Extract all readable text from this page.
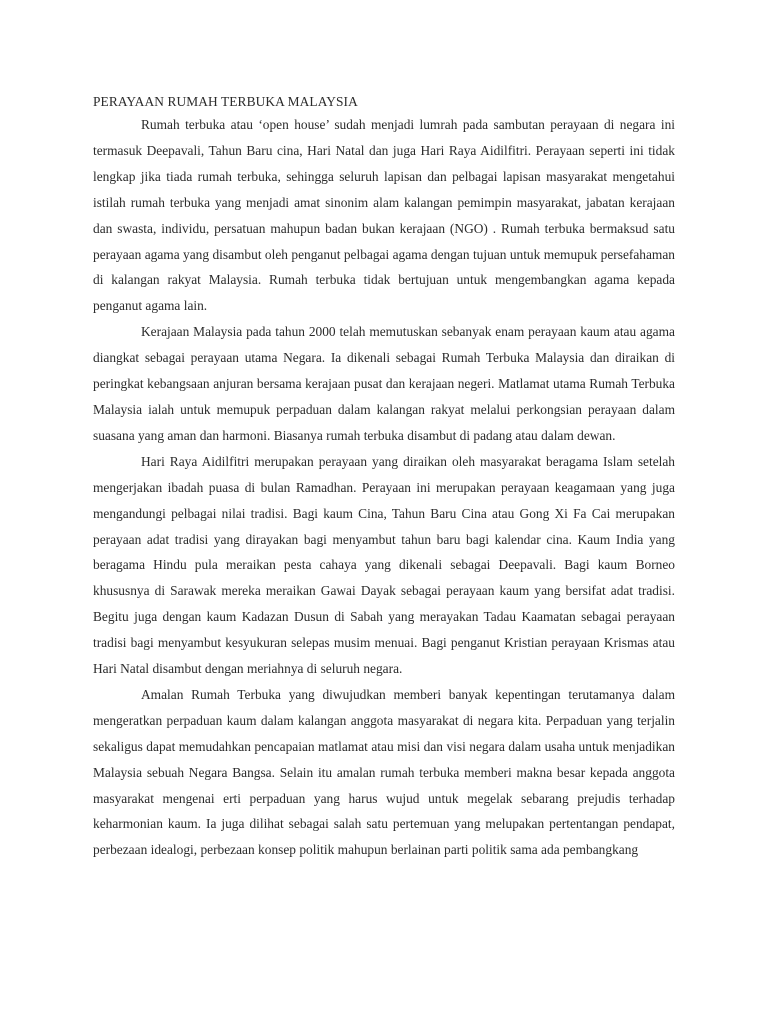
PERAYAAN RUMAH TERBUKA MALAYSIA

Rumah terbuka atau ‘open house’ sudah menjadi lumrah pada sambutan perayaan di negara ini termasuk Deepavali, Tahun Baru cina, Hari Natal dan juga Hari Raya Aidilfitri. Perayaan seperti ini tidak lengkap jika tiada rumah terbuka, sehingga seluruh lapisan dan pelbagai lapisan masyarakat mengetahui istilah rumah terbuka yang menjadi amat sinonim alam kalangan pemimpin masyarakat, jabatan kerajaan dan swasta, individu, persatuan mahupun badan bukan kerajaan (NGO) . Rumah terbuka bermaksud satu perayaan agama yang disambut oleh penganut pelbagai agama dengan tujuan untuk memupuk persefahaman di kalangan rakyat Malaysia. Rumah terbuka tidak bertujuan untuk mengembangkan agama kepada penganut agama lain.

Kerajaan Malaysia pada tahun 2000 telah memutuskan sebanyak enam perayaan kaum atau agama diangkat sebagai perayaan utama Negara. Ia dikenali sebagai Rumah Terbuka Malaysia dan diraikan di peringkat kebangsaan anjuran bersama kerajaan pusat dan kerajaan negeri. Matlamat utama Rumah Terbuka Malaysia ialah untuk memupuk perpaduan dalam kalangan rakyat melalui perkongsian perayaan dalam suasana yang aman dan harmoni. Biasanya rumah terbuka disambut di padang atau dalam dewan.

Hari Raya Aidilfitri merupakan perayaan yang diraikan oleh masyarakat beragama Islam setelah mengerjakan ibadah puasa di bulan Ramadhan. Perayaan ini merupakan perayaan keagamaan yang juga mengandungi pelbagai nilai tradisi. Bagi kaum Cina, Tahun Baru Cina atau Gong Xi Fa Cai merupakan perayaan adat tradisi yang dirayakan bagi menyambut tahun baru bagi kalendar cina. Kaum India yang beragama Hindu pula meraikan pesta cahaya yang dikenali sebagai Deepavali. Bagi kaum Borneo khususnya di Sarawak mereka meraikan Gawai Dayak sebagai perayaan kaum yang bersifat adat tradisi. Begitu juga dengan kaum Kadazan Dusun di Sabah yang merayakan Tadau Kaamatan sebagai perayaan tradisi bagi menyambut kesyukuran selepas musim menuai. Bagi penganut Kristian perayaan Krismas atau Hari Natal disambut dengan meriahnya di seluruh negara.

Amalan Rumah Terbuka yang diwujudkan memberi banyak kepentingan terutamanya dalam mengeratkan perpaduan kaum dalam kalangan anggota masyarakat di negara kita. Perpaduan yang terjalin sekaligus dapat memudahkan pencapaian matlamat atau misi dan visi negara dalam usaha untuk menjadikan Malaysia sebuah Negara Bangsa. Selain itu amalan rumah terbuka memberi makna besar kepada anggota masyarakat mengenai erti perpaduan yang harus wujud untuk megelak sebarang prejudis terhadap keharmonian kaum. Ia juga dilihat sebagai salah satu pertemuan yang melupakan pertentangan pendapat, perbezaan idealogi, perbezaan konsep politik mahupun berlainan parti politik sama ada pembangkang
